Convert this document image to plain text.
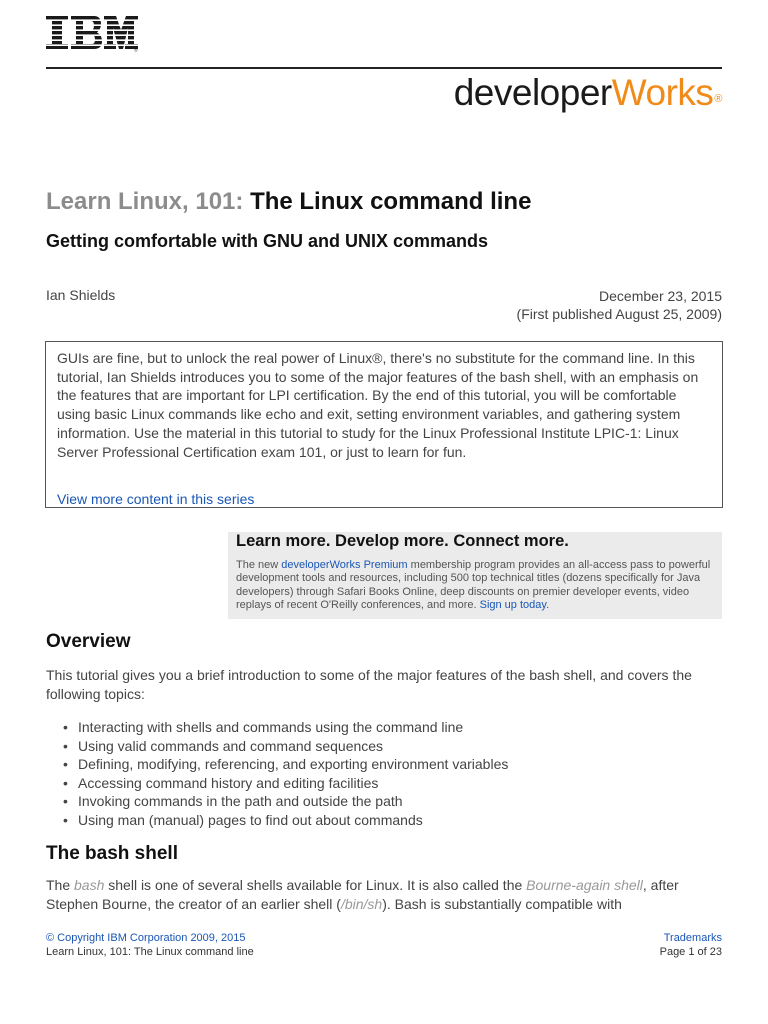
®
developerWorks®
Learn Linux, 101: The Linux command line
Getting comfortable with GNU and UNIX commands
Ian Shields	December 23, 2015
(First published August 25, 2009)

GUIs are fine, but to unlock the real power of Linux®, there's no substitute for the command line. In this tutorial, Ian Shields introduces you to some of the major features of the bash shell, with an emphasis on the features that are important for LPI certification. By the end of this tutorial, you will be comfortable using basic Linux commands like echo and exit, setting environment variables, and gathering system information. Use the material in this tutorial to study for the Linux Professional Institute LPIC-1: Linux Server Professional Certification exam 101, or just to learn for fun.

View more content in this series
Learn more. Develop more. Connect more.
The new developerWorks Premium membership program provides an all-access pass to powerful development tools and resources, including 500 top technical titles (dozens specifically for Java developers) through Safari Books Online, deep discounts on premier developer events, video replays of recent O'Reilly conferences, and more. Sign up today.
Overview

This tutorial gives you a brief introduction to some of the major features of the bash shell, and covers the following topics:

• Interacting with shells and commands using the command line
• Using valid commands and command sequences
• Defining, modifying, referencing, and exporting environment variables
• Accessing command history and editing facilities
• Invoking commands in the path and outside the path
• Using man (manual) pages to find out about commands
The bash shell

The bash shell is one of several shells available for Linux. It is also called the Bourne-again shell, after Stephen Bourne, the creator of an earlier shell (/bin/sh). Bash is substantially compatible with

© Copyright IBM Corporation 2009, 2015
Learn Linux, 101: The Linux command line
Trademarks
Page 1 of 23
